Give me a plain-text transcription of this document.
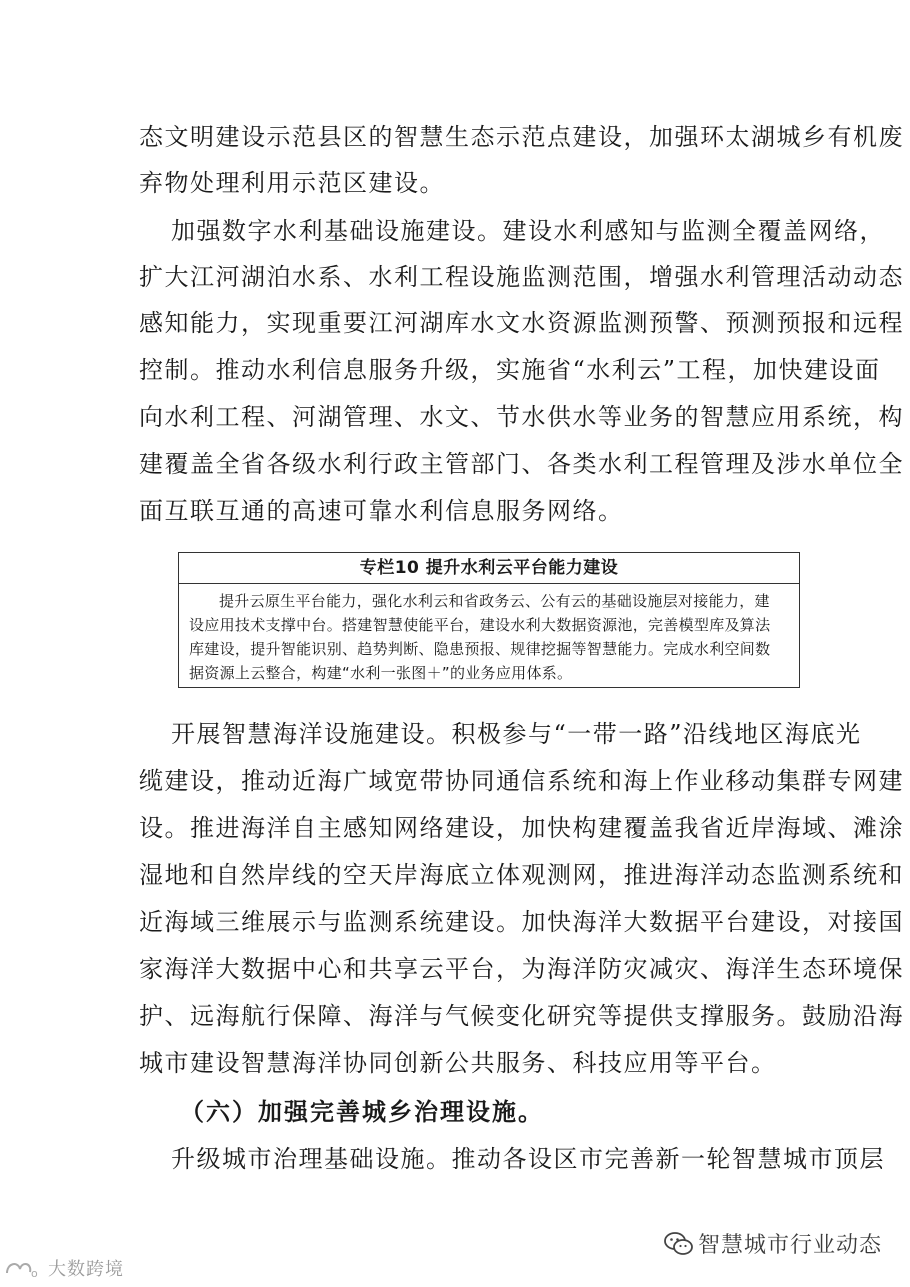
态文明建设示范县区的智慧生态示范点建设，加强环太湖城乡有机废
弃物处理利用示范区建设。
加强数字水利基础设施建设。建设水利感知与监测全覆盖网络，
扩大江河湖泊水系、水利工程设施监测范围，增强水利管理活动动态
感知能力，实现重要江河湖库水文水资源监测预警、预测预报和远程
控制。推动水利信息服务升级，实施省“水利云”工程，加快建设面
向水利工程、河湖管理、水文、节水供水等业务的智慧应用系统，构
建覆盖全省各级水利行政主管部门、各类水利工程管理及涉水单位全
面互联互通的高速可靠水利信息服务网络。
专栏10 提升水利云平台能力建设
提升云原生平台能力，强化水利云和省政务云、公有云的基础设施层对接能力，建
设应用技术支撑中台。搭建智慧使能平台，建设水利大数据资源池，完善模型库及算法
库建设，提升智能识别、趋势判断、隐患预报、规律挖掘等智慧能力。完成水利空间数
据资源上云整合，构建“水利一张图＋”的业务应用体系。
开展智慧海洋设施建设。积极参与“一带一路”沿线地区海底光
缆建设，推动近海广域宽带协同通信系统和海上作业移动集群专网建
设。推进海洋自主感知网络建设，加快构建覆盖我省近岸海域、滩涂
湿地和自然岸线的空天岸海底立体观测网，推进海洋动态监测系统和
近海域三维展示与监测系统建设。加快海洋大数据平台建设，对接国
家海洋大数据中心和共享云平台，为海洋防灾减灾、海洋生态环境保
护、远海航行保障、海洋与气候变化研究等提供支撑服务。鼓励沿海
城市建设智慧海洋协同创新公共服务、科技应用等平台。
（六）加强完善城乡治理设施。
升级城市治理基础设施。推动各设区市完善新一轮智慧城市顶层
智慧城市行业动态
o 大数跨境
